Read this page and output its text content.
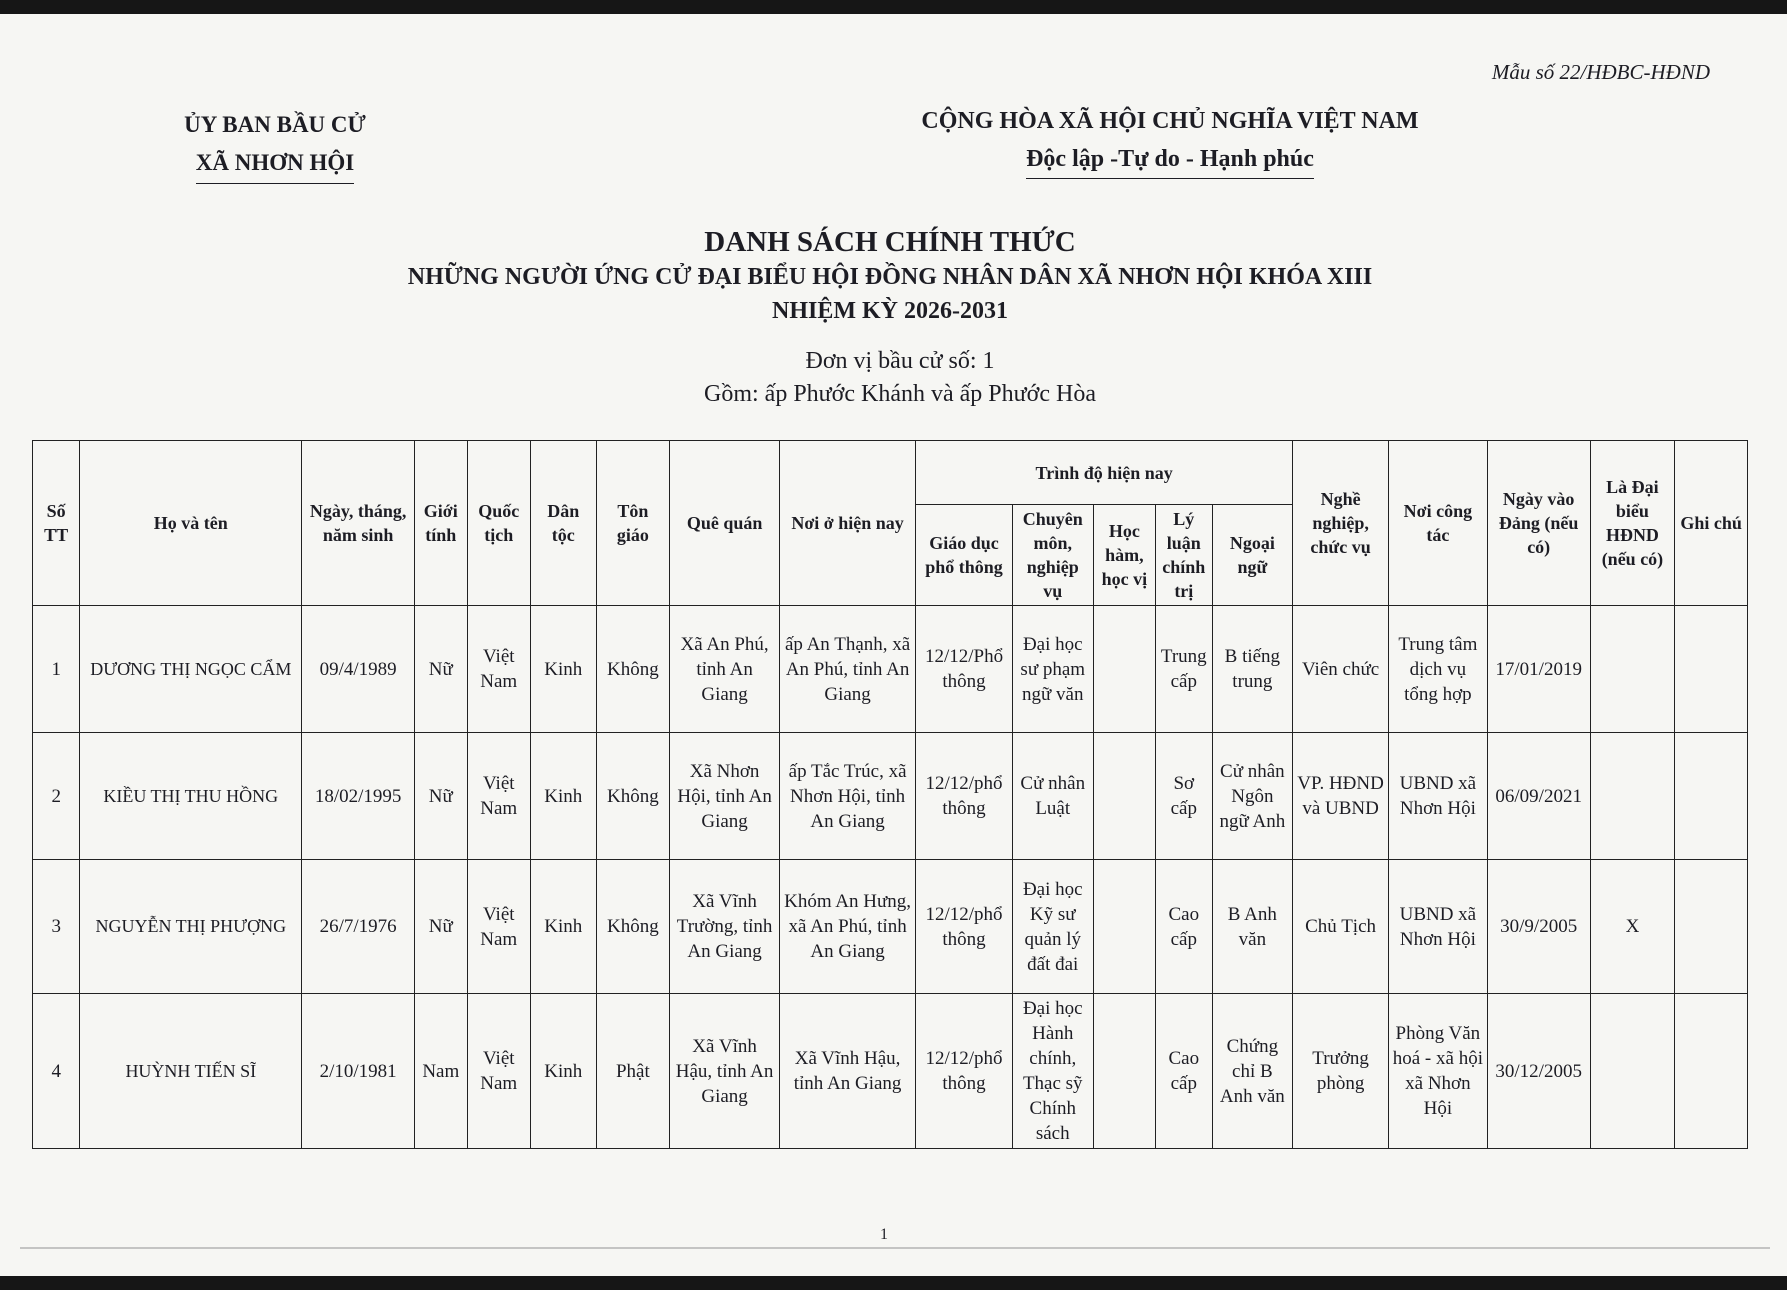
Mẫu số 22/HĐBC-HĐND
ỦY BAN BẦU CỬ
XÃ NHƠN HỘI
CỘNG HÒA XÃ HỘI CHỦ NGHĨA VIỆT NAM
Độc lập -Tự do - Hạnh phúc
DANH SÁCH CHÍNH THỨC
NHỮNG NGƯỜI ỨNG CỬ ĐẠI BIỂU HỘI ĐỒNG NHÂN DÂN XÃ NHƠN HỘI KHÓA XIII
NHIỆM KỲ 2026-2031
Đơn vị bầu cử số: 1
Gồm: ấp Phước Khánh và ấp Phước Hòa
1
Số TT	Họ và tên	Ngày, tháng, năm sinh	Giới tính	Quốc tịch	Dân tộc	Tôn giáo	Quê quán	Nơi ở hiện nay	Trình độ hiện nay					Nghề nghiệp, chức vụ	Nơi công tác	Ngày vào Đảng (nếu có)	Là Đại biểu HĐND (nếu có)	Ghi chú
									Giáo dục phổ thông	Chuyên môn, nghiệp vụ	Học hàm, học vị	Lý luận chính trị	Ngoại ngữ					
1	DƯƠNG THỊ NGỌC CẨM	09/4/1989	Nữ	Việt Nam	Kinh	Không	Xã An Phú, tỉnh An Giang	ấp An Thạnh, xã An Phú, tỉnh An Giang	12/12/Phổ thông	Đại học sư phạm ngữ văn		Trung cấp	B tiếng trung	Viên chức	Trung tâm dịch vụ tổng hợp	17/01/2019		
2	KIỀU THỊ THU HỒNG	18/02/1995	Nữ	Việt Nam	Kinh	Không	Xã Nhơn Hội, tỉnh An Giang	ấp Tắc Trúc, xã Nhơn Hội, tỉnh An Giang	12/12/phổ thông	Cử nhân Luật		Sơ cấp	Cử nhân Ngôn ngữ Anh	VP. HĐND và UBND	UBND xã Nhơn Hội	06/09/2021		
3	NGUYỄN THỊ PHƯỢNG	26/7/1976	Nữ	Việt Nam	Kinh	Không	Xã Vĩnh Trường, tỉnh An Giang	Khóm An Hưng, xã An Phú, tỉnh An Giang	12/12/phổ thông	Đại học Kỹ sư quản lý đất đai		Cao cấp	B Anh văn	Chủ Tịch	UBND xã Nhơn Hội	30/9/2005	X	
4	HUỲNH TIẾN SĨ	2/10/1981	Nam	Việt Nam	Kinh	Phật	Xã Vĩnh Hậu, tỉnh An Giang	Xã Vĩnh Hậu, tỉnh An Giang	12/12/phổ thông	Đại học Hành chính, Thạc sỹ Chính sách		Cao cấp	Chứng chỉ B Anh văn	Trưởng phòng	Phòng Văn hoá - xã hội xã Nhơn Hội	30/12/2005		
